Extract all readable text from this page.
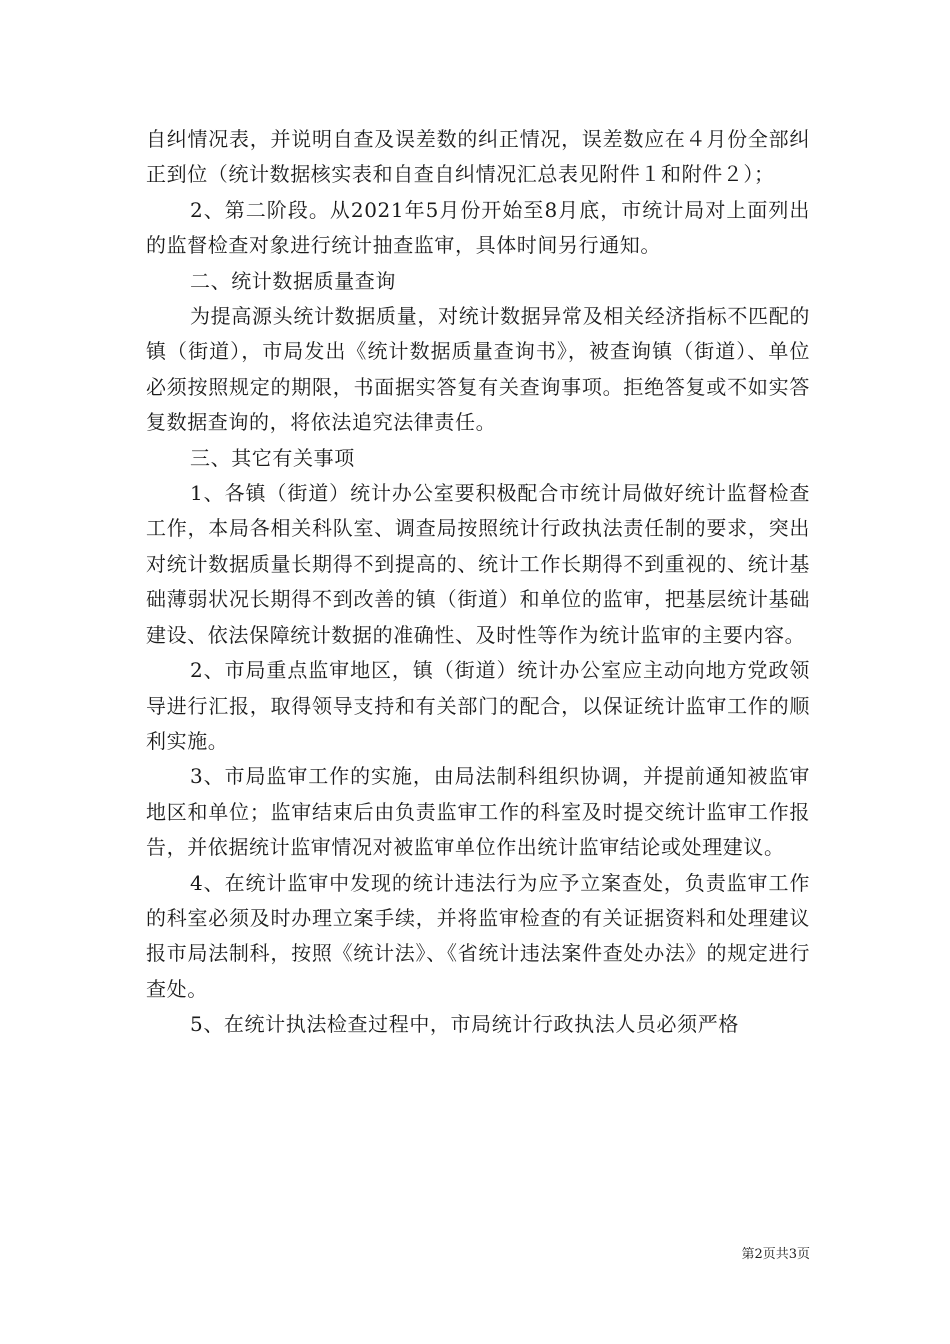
自纠情况表，并说明自查及误差数的纠正情况，误差数应在４月份全部纠正到位（统计数据核实表和自查自纠情况汇总表见附件１和附件２）；

2、第二阶段。从2021年5月份开始至8月底，市统计局对上面列出的监督检查对象进行统计抽查监审，具体时间另行通知。

二、统计数据质量查询

为提高源头统计数据质量，对统计数据异常及相关经济指标不匹配的镇（街道），市局发出《统计数据质量查询书》，被查询镇（街道）、单位必须按照规定的期限，书面据实答复有关查询事项。拒绝答复或不如实答复数据查询的，将依法追究法律责任。

三、其它有关事项

1、各镇（街道）统计办公室要积极配合市统计局做好统计监督检查工作，本局各相关科队室、调查局按照统计行政执法责任制的要求，突出对统计数据质量长期得不到提高的、统计工作长期得不到重视的、统计基础薄弱状况长期得不到改善的镇（街道）和单位的监审，把基层统计基础建设、依法保障统计数据的准确性、及时性等作为统计监审的主要内容。

2、市局重点监审地区，镇（街道）统计办公室应主动向地方党政领导进行汇报，取得领导支持和有关部门的配合，以保证统计监审工作的顺利实施。

3、市局监审工作的实施，由局法制科组织协调，并提前通知被监审地区和单位；监审结束后由负责监审工作的科室及时提交统计监审工作报告，并依据统计监审情况对被监审单位作出统计监审结论或处理建议。

4、在统计监审中发现的统计违法行为应予立案查处，负责监审工作的科室必须及时办理立案手续，并将监审检查的有关证据资料和处理建议报市局法制科，按照《统计法》、《省统计违法案件查处办法》的规定进行查处。

5、在统计执法检查过程中，市局统计行政执法人员必须严格

第2页共3页
